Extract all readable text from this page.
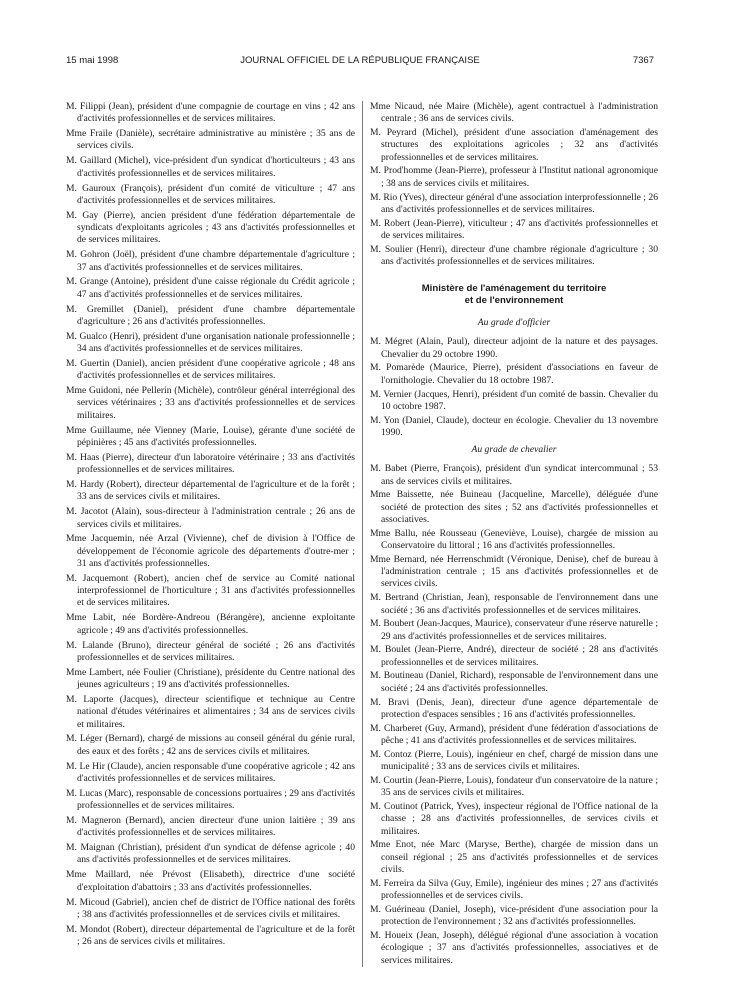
15 mai 1998	JOURNAL OFFICIEL DE LA RÉPUBLIQUE FRANÇAISE	7367

M. Filippi (Jean), président d'une compagnie de courtage en vins ; 42 ans d'activités professionnelles et de services militaires.

Mme Fraile (Danièle), secrétaire administrative au ministère ; 35 ans de services civils.

M. Gaillard (Michel), vice-président d'un syndicat d'horticulteurs ; 43 ans d'activités professionnelles et de services militaires.

M. Gauroux (François), président d'un comité de viticulture ; 47 ans d'activités professionnelles et de services militaires.

M. Gay (Pierre), ancien président d'une fédération départementale de syndicats d'exploitants agricoles ; 43 ans d'activités professionnelles et de services militaires.

M. Gohron (Joël), président d'une chambre départementale d'agriculture ; 37 ans d'activités professionnelles et de services militaires.

M. Grange (Antoine), président d'une caisse régionale du Crédit agricole ; 47 ans d'activités professionnelles et de services militaires.

M. Gremillet (Daniel), président d'une chambre départementale d'agriculture ; 26 ans d'activités professionnelles.

M. Gualco (Henri), président d'une organisation nationale professionnelle ; 34 ans d'activités professionnelles et de services militaires.

M. Guertin (Daniel), ancien président d'une coopérative agricole ; 48 ans d'activités professionnelles et de services militaires.

Mme Guidoni, née Pellerin (Michèle), contrôleur général interrégional des services vétérinaires ; 33 ans d'activités professionnelles et de services militaires.

Mme Guillaume, née Vienney (Marie, Louise), gérante d'une société de pépinières ; 45 ans d'activités professionnelles.

M. Haas (Pierre), directeur d'un laboratoire vétérinaire ; 33 ans d'activités professionnelles et de services militaires.

M. Hardy (Robert), directeur départemental de l'agriculture et de la forêt ; 33 ans de services civils et militaires.

M. Jacotot (Alain), sous-directeur à l'administration centrale ; 26 ans de services civils et militaires.

Mme Jacquemin, née Arzal (Vivienne), chef de division à l'Office de développement de l'économie agricole des départements d'outre-mer ; 31 ans d'activités professionnelles.

M. Jacquemont (Robert), ancien chef de service au Comité national interprofessionnel de l'horticulture ; 31 ans d'activités professionnelles et de services militaires.

Mme Labit, née Bordère-Andreou (Bérangère), ancienne exploitante agricole ; 49 ans d'activités professionnelles.

M. Lalande (Bruno), directeur général de société ; 26 ans d'activités professionnelles et de services militaires.

Mme Lambert, née Foulier (Christiane), présidente du Centre national des jeunes agriculteurs ; 19 ans d'activités professionnelles.

M. Laporte (Jacques), directeur scientifique et technique au Centre national d'études vétérinaires et alimentaires ; 34 ans de services civils et militaires.

M. Léger (Bernard), chargé de missions au conseil général du génie rural, des eaux et des forêts ; 42 ans de services civils et militaires.

M. Le Hir (Claude), ancien responsable d'une coopérative agricole ; 42 ans d'activités professionnelles et de services militaires.

M. Lucas (Marc), responsable de concessions portuaires ; 29 ans d'activités professionnelles et de services militaires.

M. Magneron (Bernard), ancien directeur d'une union laitière ; 39 ans d'activités professionnelles et de services militaires.

M. Maignan (Christian), président d'un syndicat de défense agricole ; 40 ans d'activités professionnelles et de services militaires.

Mme Maillard, née Prévost (Elisabeth), directrice d'une société d'exploitation d'abattoirs ; 33 ans d'activités professionnelles.

M. Micoud (Gabriel), ancien chef de district de l'Office national des forêts ; 38 ans d'activités professionnelles et de services civils et militaires.

M. Mondot (Robert), directeur départemental de l'agriculture et de la forêt ; 26 ans de services civils et militaires.

Mme Nicaud, née Maire (Michèle), agent contractuel à l'administration centrale ; 36 ans de services civils.

M. Peyrard (Michel), président d'une association d'aménagement des structures des exploitations agricoles ; 32 ans d'activités professionnelles et de services militaires.

M. Prod'homme (Jean-Pierre), professeur à l'Institut national agronomique ; 38 ans de services civils et militaires.

M. Rio (Yves), directeur général d'une association interprofessionnelle ; 26 ans d'activités professionnelles et de services militaires.

M. Robert (Jean-Pierre), viticulteur ; 47 ans d'activités professionnelles et de services militaires.

M. Soulier (Henri), directeur d'une chambre régionale d'agriculture ; 30 ans d'activités professionnelles et de services militaires.

Ministère de l'aménagement du territoire
et de l'environnement
Au grade d'officier

M. Mégret (Alain, Paul), directeur adjoint de la nature et des paysages. Chevalier du 29 octobre 1990.

M. Pomarède (Maurice, Pierre), président d'associations en faveur de l'ornithologie. Chevalier du 18 octobre 1987.

M. Vernier (Jacques, Henri), président d'un comité de bassin. Chevalier du 10 octobre 1987.

M. Yon (Daniel, Claude), docteur en écologie. Chevalier du 13 novembre 1990.

Au grade de chevalier

M. Babet (Pierre, François), président d'un syndicat intercommunal ; 53 ans de services civils et militaires.

Mme Baissette, née Buineau (Jacqueline, Marcelle), déléguée d'une société de protection des sites ; 52 ans d'activités professionnelles et associatives.

Mme Ballu, née Rousseau (Geneviève, Louise), chargée de mission au Conservatoire du littoral ; 16 ans d'activités professionnelles.

Mme Bernard, née Herrenschmidt (Véronique, Denise), chef de bureau à l'administration centrale ; 15 ans d'activités professionnelles et de services civils.

M. Bertrand (Christian, Jean), responsable de l'environnement dans une société ; 36 ans d'activités professionnelles et de services militaires.

M. Boubert (Jean-Jacques, Maurice), conservateur d'une réserve naturelle ; 29 ans d'activités professionnelles et de services militaires.

M. Boulet (Jean-Pierre, André), directeur de société ; 28 ans d'activités professionnelles et de services militaires.

M. Boutineau (Daniel, Richard), responsable de l'environnement dans une société ; 24 ans d'activités professionnelles.

M. Bravi (Denis, Jean), directeur d'une agence départementale de protection d'espaces sensibles ; 16 ans d'activités professionnelles.

M. Charberet (Guy, Armand), président d'une fédération d'associations de pêche ; 41 ans d'activités professionnelles et de services militaires.

M. Contoz (Pierre, Louis), ingénieur en chef, chargé de mission dans une municipalité ; 33 ans de services civils et militaires.

M. Courtin (Jean-Pierre, Louis), fondateur d'un conservatoire de la nature ; 35 ans de services civils et militaires.

M. Coutinot (Patrick, Yves), inspecteur régional de l'Office national de la chasse ; 28 ans d'activités professionnelles, de services civils et militaires.

Mme Enot, née Marc (Maryse, Berthe), chargée de mission dans un conseil régional ; 25 ans d'activités professionnelles et de services civils.

M. Ferreira da Silva (Guy, Emile), ingénieur des mines ; 27 ans d'activités professionnelles et de services civils.

M. Guérineau (Daniel, Joseph), vice-président d'une association pour la protection de l'environnement ; 32 ans d'activités professionnelles.

M. Houeix (Jean, Joseph), délégué régional d'une association à vocation écologique ; 37 ans d'activités professionnelles, associatives et de services militaires.
